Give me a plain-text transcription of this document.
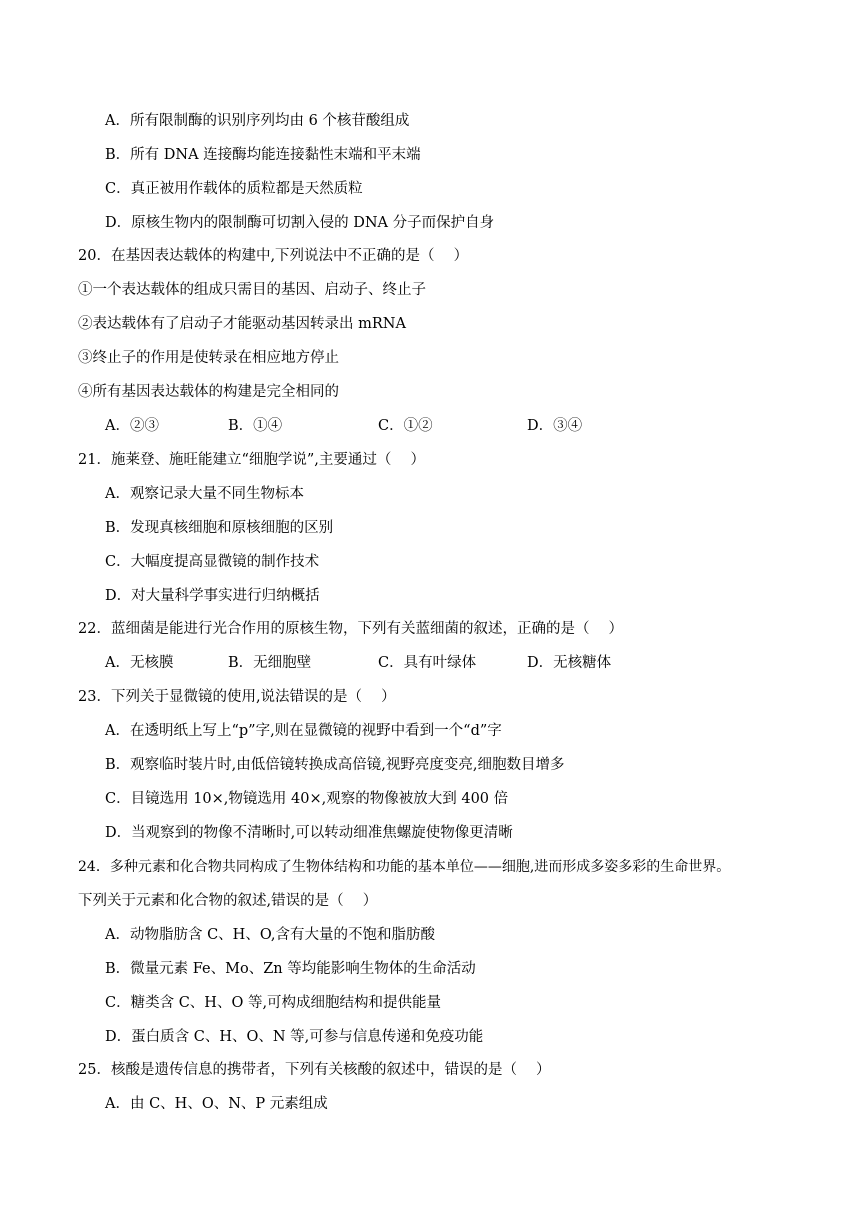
A．所有限制酶的识别序列均由 6 个核苷酸组成
B．所有 DNA 连接酶均能连接黏性末端和平末端
C．真正被用作载体的质粒都是天然质粒
D．原核生物内的限制酶可切割入侵的 DNA 分子而保护自身
20．在基因表达载体的构建中,下列说法中不正确的是（　 ）
①一个表达载体的组成只需目的基因、启动子、终止子
②表达载体有了启动子才能驱动基因转录出 mRNA
③终止子的作用是使转录在相应地方停止
④所有基因表达载体的构建是完全相同的
A．②③	B．①④	C．①②	D．③④
21．施莱登、施旺能建立“细胞学说”,主要通过（　 ）
A．观察记录大量不同生物标本
B．发现真核细胞和原核细胞的区别
C．大幅度提高显微镜的制作技术
D．对大量科学事实进行归纳概括
22．蓝细菌是能进行光合作用的原核生物，下列有关蓝细菌的叙述，正确的是（　 ）
A．无核膜	B．无细胞壁	C．具有叶绿体	D．无核糖体
23．下列关于显微镜的使用,说法错误的是（　 ）
A．在透明纸上写上“p”字,则在显微镜的视野中看到一个“d”字
B．观察临时装片时,由低倍镜转换成高倍镜,视野亮度变亮,细胞数目增多
C．目镜选用 10×,物镜选用 40×,观察的物像被放大到 400 倍
D．当观察到的物像不清晰时,可以转动细准焦螺旋使物像更清晰
24．多种元素和化合物共同构成了生物体结构和功能的基本单位——细胞,进而形成多姿多彩的生命世界。
下列关于元素和化合物的叙述,错误的是（　 ）
A．动物脂肪含 C、H、O,含有大量的不饱和脂肪酸
B．微量元素 Fe、Mo、Zn 等均能影响生物体的生命活动
C．糖类含 C、H、O 等,可构成细胞结构和提供能量
D．蛋白质含 C、H、O、N 等,可参与信息传递和免疫功能
25．核酸是遗传信息的携带者，下列有关核酸的叙述中，错误的是（　 ）
A．由 C、H、O、N、P 元素组成
